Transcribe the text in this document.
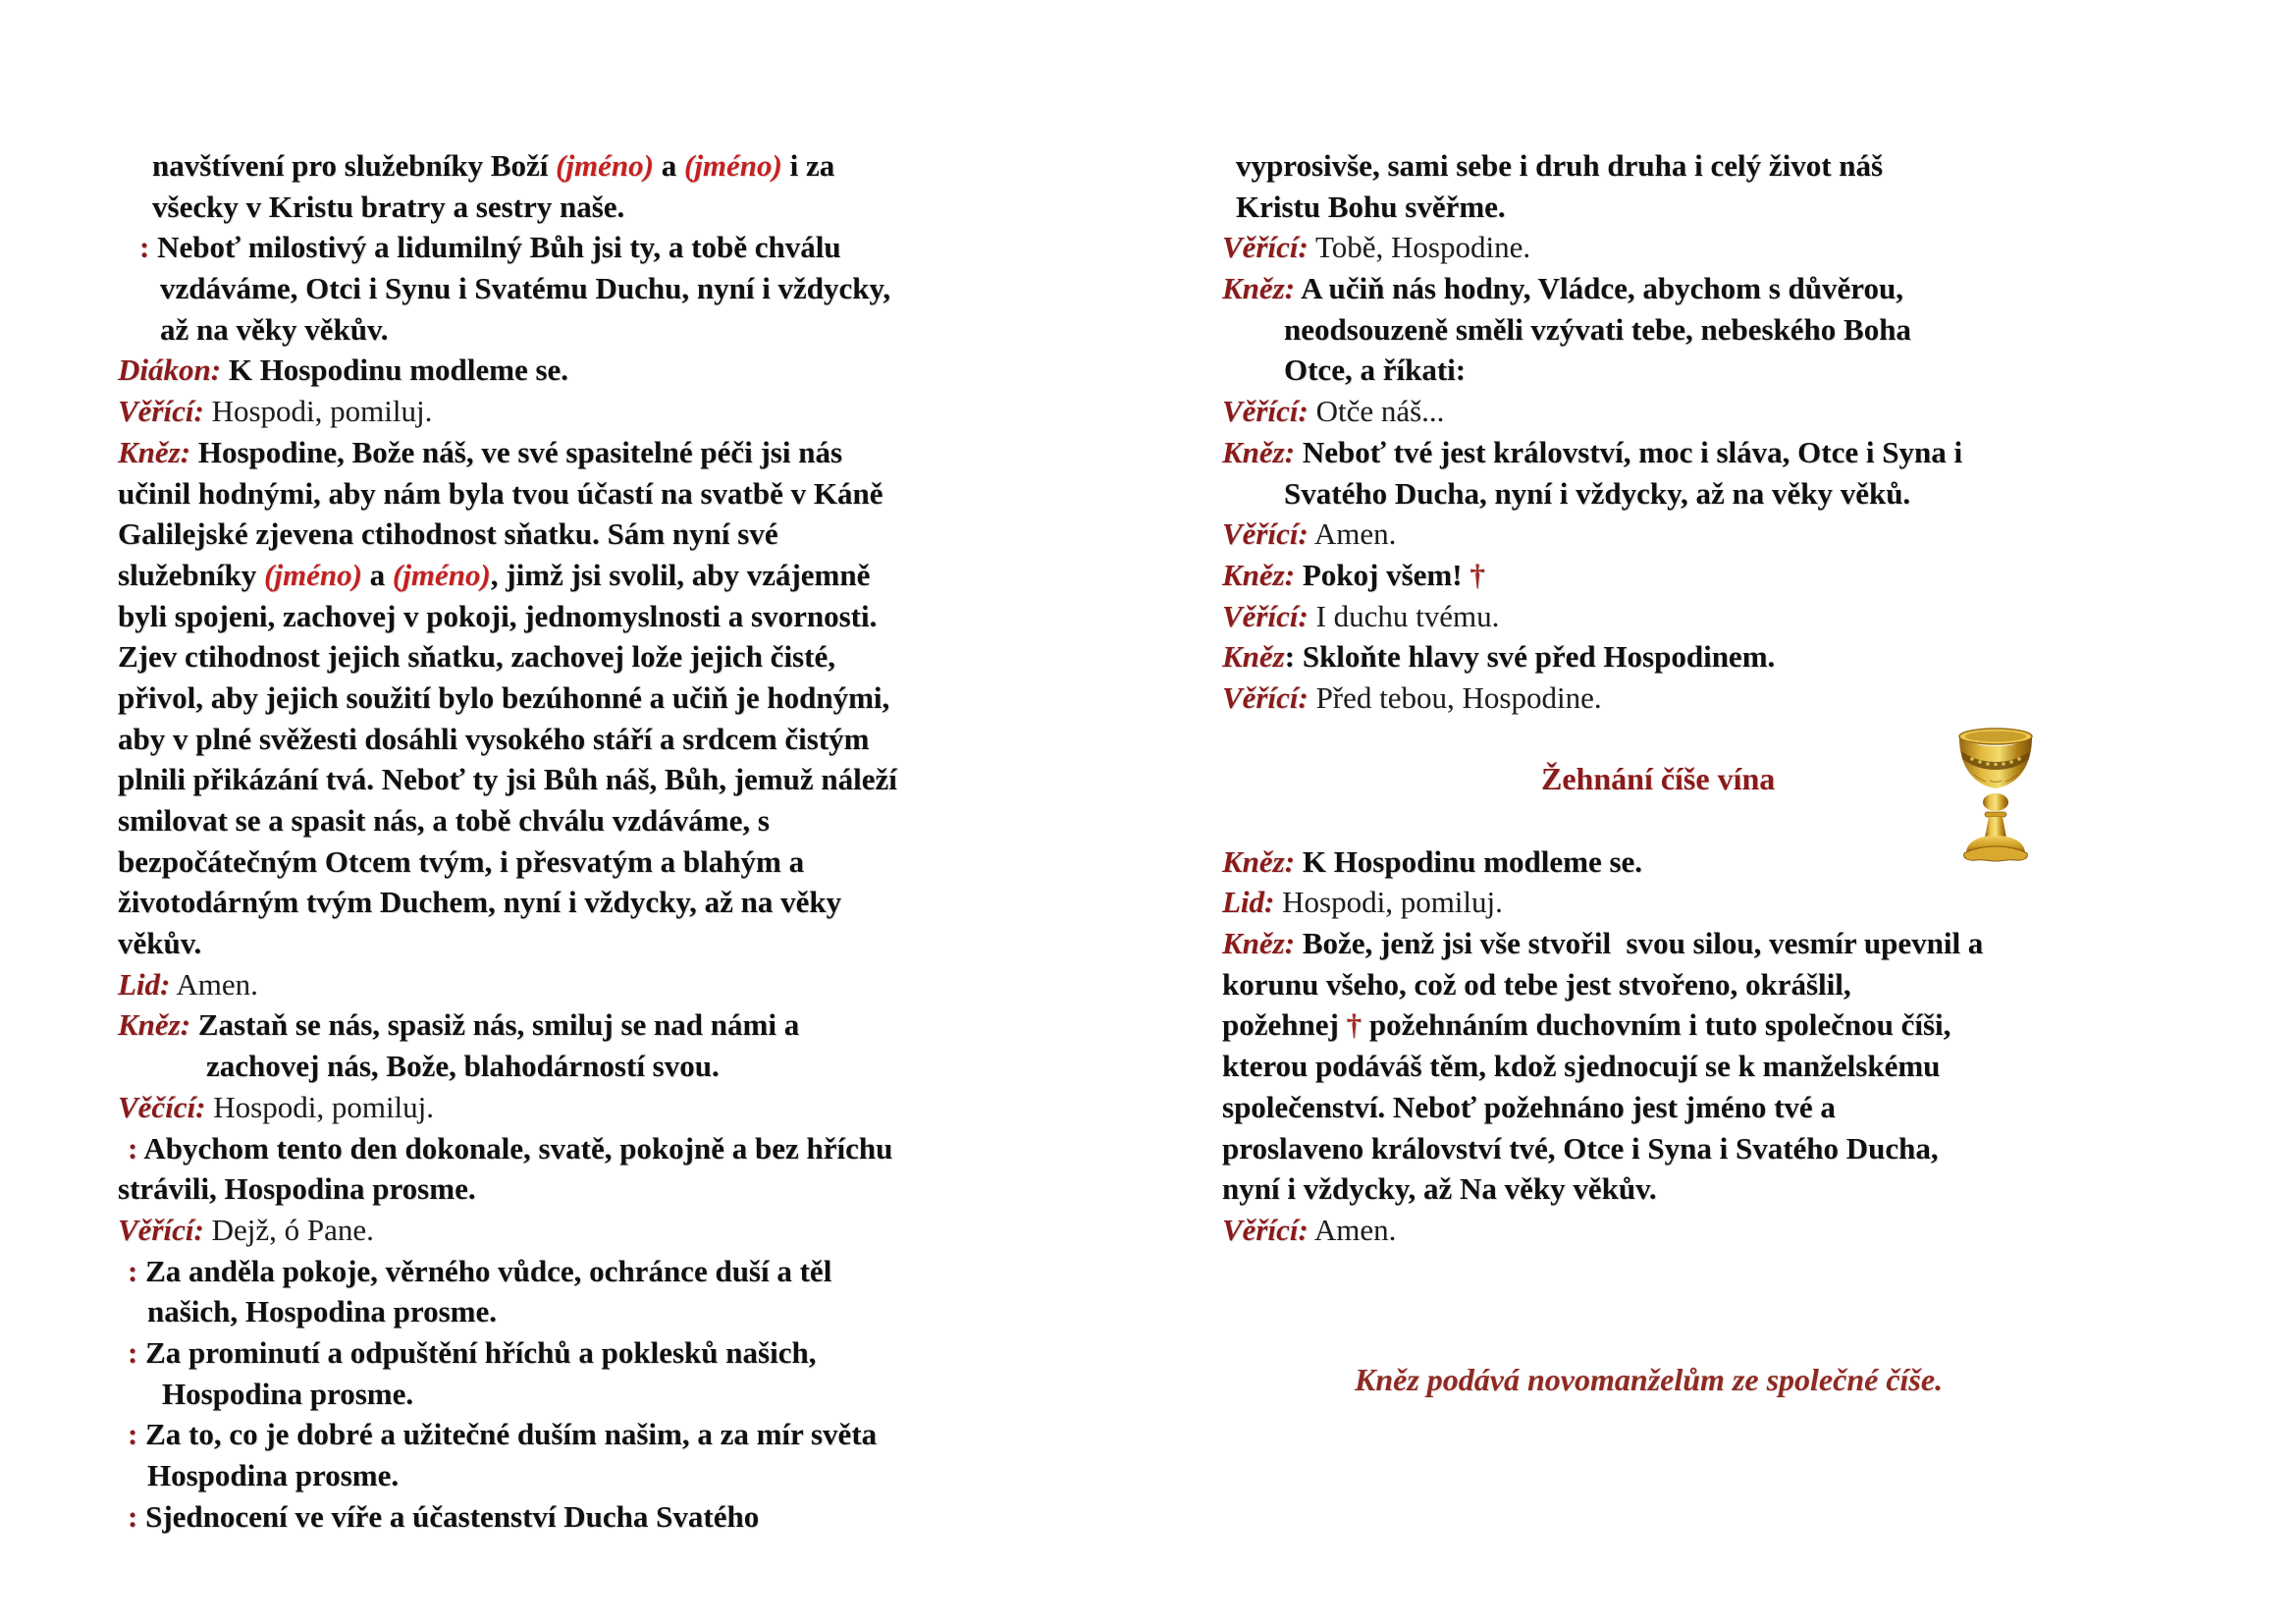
navštívení pro služebníky Boží (jméno) a (jméno) i za
všecky v Kristu bratry a sestry naše.
: Neboť milostivý a lidumilný Bůh jsi ty, a tobě chválu
vzdáváme, Otci i Synu i Svatému Duchu, nyní i vždycky,
až na věky věkův.
Diákon: K Hospodinu modleme se.
Věřící: Hospodi, pomiluj.
Kněz: Hospodine, Bože náš, ve své spasitelné péči jsi nás
učinil hodnými, aby nám byla tvou účastí na svatbě v Káně
Galilejské zjevena ctihodnost sňatku. Sám nyní své
služebníky (jméno) a (jméno), jimž jsi svolil, aby vzájemně
byli spojeni, zachovej v pokoji, jednomyslnosti a svornosti.
Zjev ctihodnost jejich sňatku, zachovej lože jejich čisté,
přivol, aby jejich soužití bylo bezúhonné a učiň je hodnými,
aby v plné svěžesti dosáhli vysokého stáří a srdcem čistým
plnili přikázání tvá. Neboť ty jsi Bůh náš, Bůh, jemuž náleží
smilovat se a spasit nás, a tobě chválu vzdáváme, s
bezpočátečným Otcem tvým, i přesvatým a blahým a
životodárným tvým Duchem, nyní i vždycky, až na věky
věkův.
Lid: Amen.
Kněz: Zastaň se nás, spasiž nás, smiluj se nad námi a
zachovej nás, Bože, blahodárností svou.
Věčící: Hospodi, pomiluj.
: Abychom tento den dokonale, svatě, pokojně a bez hříchu
strávili, Hospodina prosme.
Věřící: Dejž, ó Pane.
: Za anděla pokoje, věrného vůdce, ochránce duší a těl
našich, Hospodina prosme.
: Za prominutí a odpuštění hříchů a poklesků našich,
Hospodina prosme.
: Za to, co je dobré a užitečné duším našim, a za mír světa
Hospodina prosme.
: Sjednocení ve víře a účastenství Ducha Svatého
vyprosivše, sami sebe i druh druha i celý život náš
Kristu Bohu svěřme.
Věřící: Tobě, Hospodine.
Kněz: A učiň nás hodny, Vládce, abychom s důvěrou,
neodsouzeně směli vzývati tebe, nebeského Boha
Otce, a říkati:
Věřící: Otče náš...
Kněz: Neboť tvé jest království, moc i sláva, Otce i Syna i
Svatého Ducha, nyní i vždycky, až na věky věků.
Věřící: Amen.
Kněz: Pokoj všem! †
Věřící: I duchu tvému.
Kněz: Skloňte hlavy své před Hospodinem.
Věřící: Před tebou, Hospodine.
Žehnání číše vína
Kněz: K Hospodinu modleme se.
Lid: Hospodi, pomiluj.
Kněz: Bože, jenž jsi vše stvořil  svou silou, vesmír upevnil a
korunu všeho, což od tebe jest stvořeno, okrášlil,
požehnej † požehnáním duchovním i tuto společnou číši,
kterou podáváš těm, kdož sjednocují se k manželskému
společenství. Neboť požehnáno jest jméno tvé a
proslaveno království tvé, Otce i Syna i Svatého Ducha,
nyní i vždycky, až Na věky věkův.
Věřící: Amen.
Kněz podává novomanželům ze společné číše.
